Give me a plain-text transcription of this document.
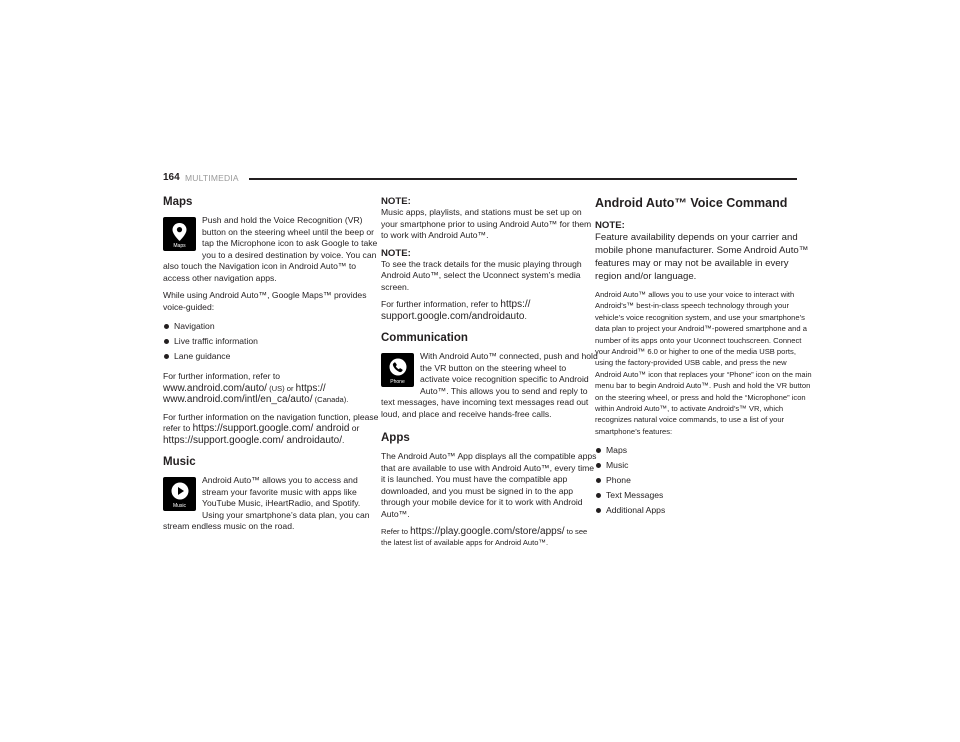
164 MULTIMEDIA
Maps
Maps

Push and hold the Voice Recognition (VR) button on the steering wheel until the beep or tap the Microphone icon to ask Google to take you to a desired destination by voice. You can also touch the Navigation icon in Android Auto™ to access other navigation apps.

While using Android Auto™, Google Maps™ provides voice-guided:

Navigation
Live traffic information
Lane guidance

For further information, refer to
www.android.com/auto/ (US) or https:// www.android.com/intl/en_ca/auto/ (Canada).

For further information on the navigation function, please refer to https://support.google.com/ android or https://support.google.com/ androidauto/.

Music
Music

Android Auto™ allows you to access and stream your favorite music with apps like YouTube Music, iHeartRadio, and Spotify. Using your smartphone’s data plan, you can stream endless music on the road.

NOTE:

Music apps, playlists, and stations must be set up on your smartphone prior to using Android Auto™ for them to work with Android Auto™.

NOTE:

To see the track details for the music playing through Android Auto™, select the Uconnect system’s media screen.

For further information, refer to https:// support.google.com/androidauto.

Communication
Phone

With Android Auto™ connected, push and hold the VR button on the steering wheel to activate voice recognition specific to Android Auto™. This allows you to send and reply to text messages, have incoming text messages read out loud, and place and receive hands-free calls.

Apps

The Android Auto™ App displays all the compatible apps that are available to use with Android Auto™, every time it is launched. You must have the compatible app downloaded, and you must be signed in to the app through your mobile device for it to work with Android Auto™.

Refer to https://play.google.com/store/apps/ to see the latest list of available apps for Android Auto™.

Android Auto™ Voice Command

NOTE:

Feature availability depends on your carrier and mobile phone manufacturer. Some Android Auto™ features may or may not be available in every region and/or language.

Android Auto™ allows you to use your voice to interact with Android’s™ best-in-class speech technology through your vehicle’s voice recognition system, and use your smartphone’s data plan to project your Android™-powered smartphone and a number of its apps onto your Uconnect touchscreen. Connect your Android™ 6.0 or higher to one of the media USB ports, using the factory-provided USB cable, and press the new Android Auto™ icon that replaces your “Phone” icon on the main menu bar to begin Android Auto™. Push and hold the VR button on the steering wheel, or press and hold the “Microphone” icon within Android Auto™, to activate Android’s™ VR, which recognizes natural voice commands, to use a list of your smartphone’s features:

Maps
Music
Phone
Text Messages
Additional Apps
